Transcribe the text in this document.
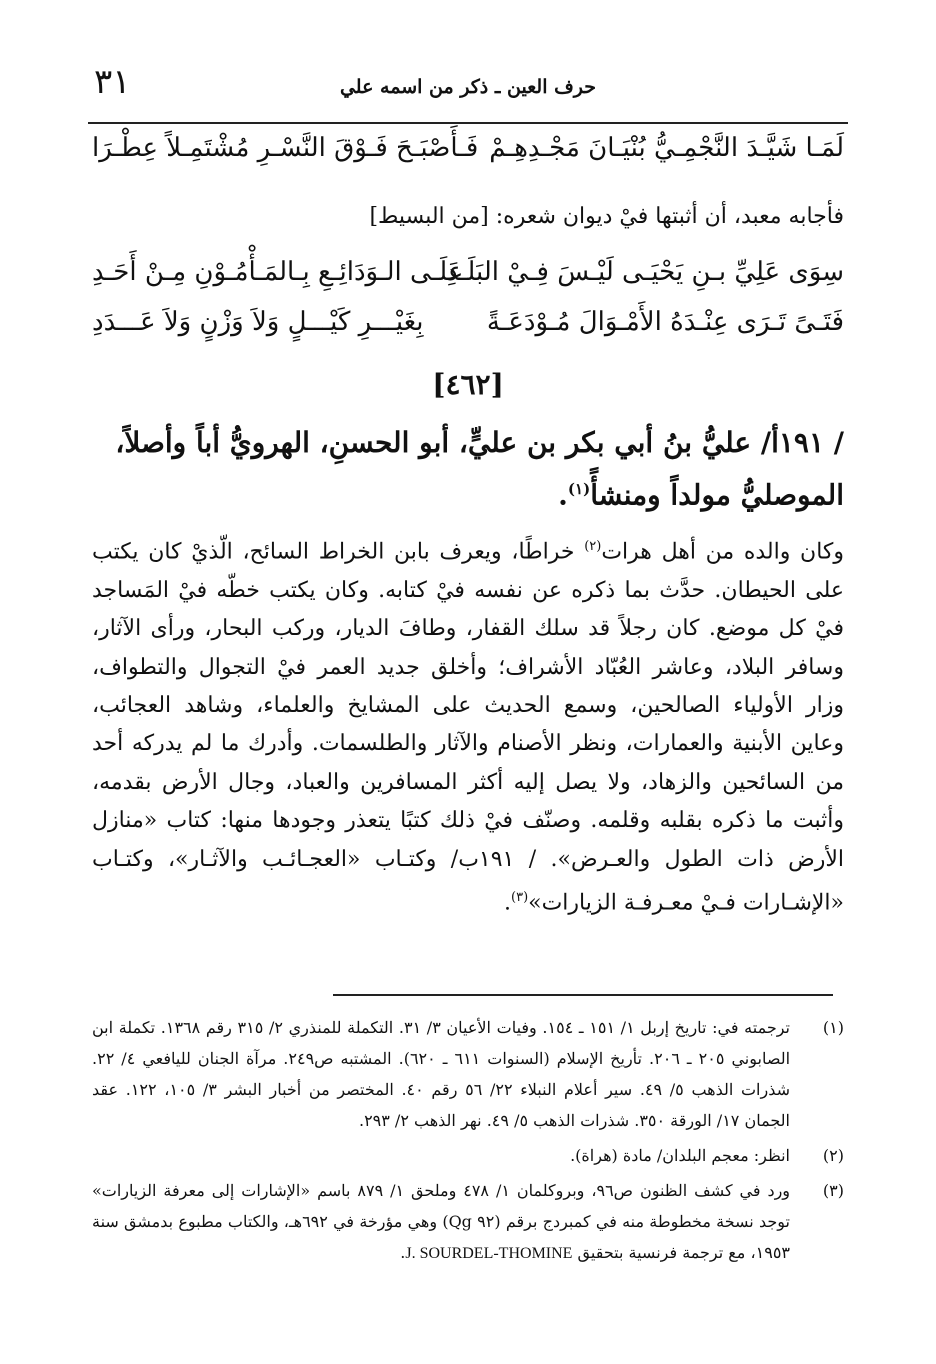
٣١	حرف العين ـ ذكر من اسمه علي
لَمَـا شَيَّـدَ النَّجْمِـيُّ بُنْيَـانَ مَجْـدِهِـمْ
فَـأَصْبَـحَ فَـوْقَ النَّسْـرِ مُشْتَمِـلاً عِطْـرَا
فأجابه معبد، أن أثبتها فيْ ديوان شعره: [من البسيط]
سِوَى عَلِيِّ بـنِ يَحْيَـى لَيْـسَ فِـيْ البَلَـدِ
عَلَـى الـوَدَائِـعِ بِـالمَـأْمُـوْنِ مِـنْ أَحَـدِ
فَتَـىً تَـرَى عِنْـدَهُ الأَمْـوَالَ مُـوْدَعَـةً
بِغَيْـــرِ كَيْـــلٍ وَلاَ وَزْنٍ وَلاَ عَـــدَدِ
[٤٦٢]
/ ١٩١أ/ عليُّ بنُ أبي بكر بن عليٍّ، أبو الحسنِ، الهرويُّ أباً وأصلاً،
الموصليُّ مولداً ومنشأً$^{(١)}$.
وكان والده من أهل هرات$^{(٢)}$ خراطًا، ويعرف بابن الخراط السائح، الّذيْ كان يكتب على الحيطان. حدَّث بما ذكره عن نفسه فيْ كتابه. وكان يكتب خطّه فيْ المَساجد فيْ كل موضع. كان رجلاً قد سلك القفار، وطافَ الديار، وركب البحار، ورأى الآثار، وسافر البلاد، وعاشر العُبّاد الأشراف؛ وأخلق جديد العمر فيْ التجوال والتطواف، وزار الأولياء الصالحين، وسمع الحديث على المشايخ والعلماء، وشاهد العجائب، وعاين الأبنية والعمارات، ونظر الأصنام والآثار والطلسمات. وأدرك ما لم يدركه أحد من السائحين والزهاد، ولا يصل إليه أكثر المسافرين والعباد، وجال الأرض بقدمه، وأثبت ما ذكره بقلبه وقلمه. وصنّف فيْ ذلك كتبًا يتعذر وجودها منها: كتاب «منازل الأرض ذات الطول والعـرض». / ١٩١ب/ وكتـاب «العجـائـب والآثـار»، وكتـاب «الإشـارات فـيْ معـرفـة الزيارات»$^{(٣)}$.
(١)
ترجمته في: تاريخ إربل ١/ ١٥١ ـ ١٥٤. وفيات الأعيان ٣/ ٣١. التكملة للمنذري ٢/ ٣١٥ رقم ١٣٦٨. تكملة ابن الصابوني ٢٠٥ ـ ٢٠٦. تأريخ الإسلام (السنوات ٦١١ ـ ٦٢٠). المشتبه ص٢٤٩. مرآة الجنان لليافعي ٤/ ٢٢. شذرات الذهب ٥/ ٤٩. سير أعلام النبلاء ٢٢/ ٥٦ رقم ٤٠. المختصر من أخبار البشر ٣/ ١٠٥، ١٢٢. عقد الجمان ١٧/ الورقة ٣٥٠. شذرات الذهب ٥/ ٤٩. نهر الذهب ٢/ ٢٩٣.
(٢)
انظر: معجم البلدان/ مادة (هراة).
(٣)
ورد في كشف الظنون ص٩٦، وبروكلمان ١/ ٤٧٨ وملحق ١/ ٨٧٩ باسم «الإشارات إلى معرفة الزيارات» توجد نسخة مخطوطة منه في كمبردج برقم (٩٢ Qg) وهي مؤرخة في ٦٩٢هـ، والكتاب مطبوع بدمشق سنة ١٩٥٣، مع ترجمة فرنسية بتحقيق J. SOURDEL-THOMINE.
